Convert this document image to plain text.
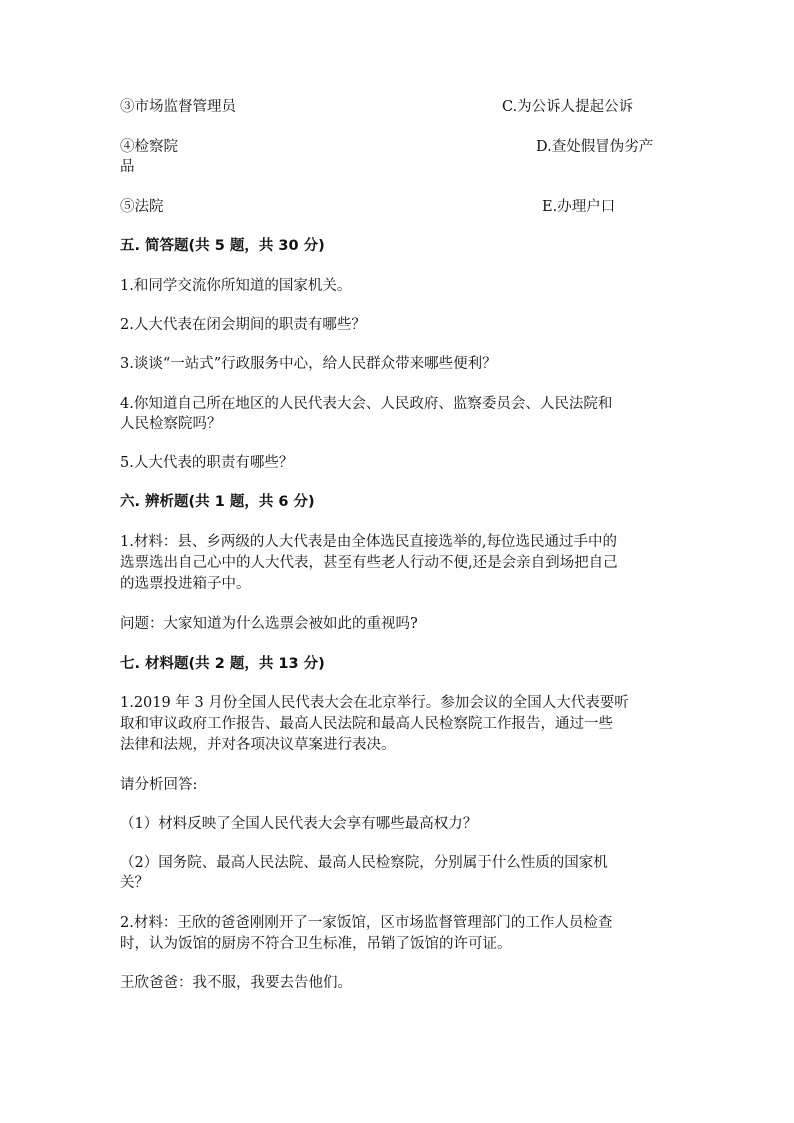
③市场监督管理员	C.为公诉人提起公诉
④检察院	D.查处假冒伪劣产
品
⑤法院	E.办理户口
五. 简答题(共 5 题，共 30 分)
1.和同学交流你所知道的国家机关。
2.人大代表在闭会期间的职责有哪些？
3.谈谈“一站式”行政服务中心，给人民群众带来哪些便利？
4.你知道自己所在地区的人民代表大会、人民政府、监察委员会、人民法院和
人民检察院吗？
5.人大代表的职责有哪些？
六. 辨析题(共 1 题，共 6 分)
1.材料：县、乡两级的人大代表是由全体选民直接选举的,每位选民通过手中的
选票选出自己心中的人大代表，甚至有些老人行动不便,还是会亲自到场把自己
的选票投进箱子中。
问题：大家知道为什么选票会被如此的重视吗?
七. 材料题(共 2 题，共 13 分)
1.2019 年 3 月份全国人民代表大会在北京举行。参加会议的全国人大代表要听
取和审议政府工作报告、最高人民法院和最高人民检察院工作报告，通过一些
法律和法规，并对各项决议草案进行表决。
请分析回答:
（1）材料反映了全国人民代表大会享有哪些最高权力？
（2）国务院、最高人民法院、最高人民检察院，分别属于什么性质的国家机
关？
2.材料：王欣的爸爸刚刚开了一家饭馆，区市场监督管理部门的工作人员检查
时，认为饭馆的厨房不符合卫生标准，吊销了饭馆的许可证。
王欣爸爸：我不服，我要去告他们。
